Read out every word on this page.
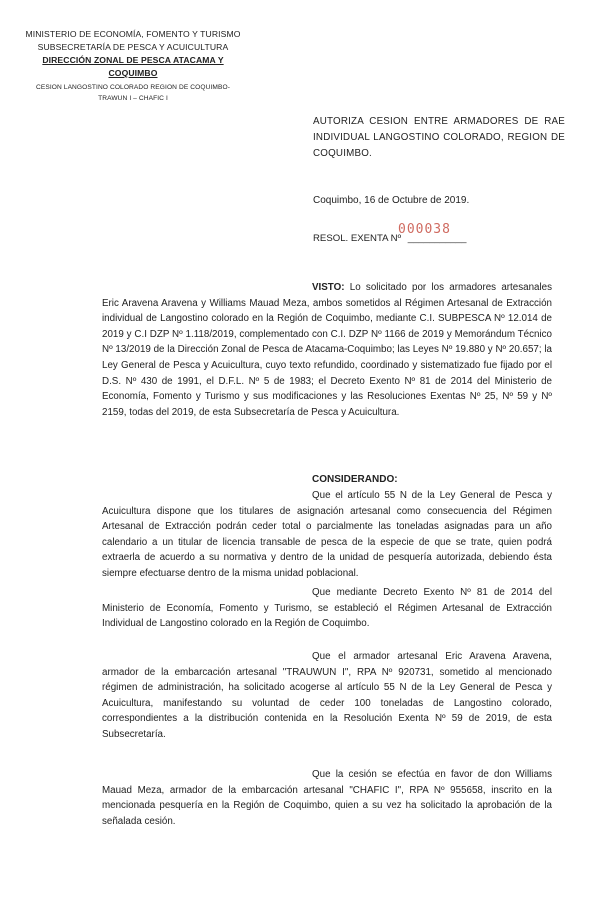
MINISTERIO DE ECONOMÍA, FOMENTO Y TURISMO
SUBSECRETARÍA DE PESCA Y ACUICULTURA
DIRECCIÓN ZONAL DE PESCA ATACAMA Y COQUIMBO
CESION LANGOSTINO COLORADO REGION DE COQUIMBO-
TRAWUN I – CHAFIC I
AUTORIZA CESION ENTRE ARMADORES DE RAE INDIVIDUAL LANGOSTINO COLORADO, REGION DE COQUIMBO.
Coquimbo, 16 de Octubre de 2019.
RESOL. EXENTA Nº ___________
000038
VISTO: Lo solicitado por los armadores artesanales Eric Aravena Aravena y Williams Mauad Meza, ambos sometidos al Régimen Artesanal de Extracción individual de Langostino colorado en la Región de Coquimbo, mediante C.I. SUBPESCA Nº 12.014 de 2019 y C.I DZP Nº 1.118/2019, complementado con C.I. DZP Nº 1166 de 2019 y Memorándum Técnico Nº 13/2019 de la Dirección Zonal de Pesca de Atacama-Coquimbo; las Leyes Nº 19.880 y Nº 20.657; la Ley General de Pesca y Acuicultura, cuyo texto refundido, coordinado y sistematizado fue fijado por el D.S. Nº 430 de 1991, el D.F.L. Nº 5 de 1983; el Decreto Exento Nº 81 de 2014 del Ministerio de Economía, Fomento y Turismo y sus modificaciones y las Resoluciones Exentas Nº 25, Nº 59 y Nº 2159, todas del 2019, de esta Subsecretaría de Pesca y Acuicultura.
CONSIDERANDO:
Que el artículo 55 N de la Ley General de Pesca y Acuicultura dispone que los titulares de asignación artesanal como consecuencia del Régimen Artesanal de Extracción podrán ceder total o parcialmente las toneladas asignadas para un año calendario a un titular de licencia transable de pesca de la especie de que se trate, quien podrá extraerla de acuerdo a su normativa y dentro de la unidad de pesquería autorizada, debiendo ésta siempre efectuarse dentro de la misma unidad poblacional.
Que mediante Decreto Exento Nº 81 de 2014 del Ministerio de Economía, Fomento y Turismo, se estableció el Régimen Artesanal de Extracción Individual de Langostino colorado en la Región de Coquimbo.
Que el armador artesanal Eric Aravena Aravena, armador de la embarcación artesanal "TRAUWUN I", RPA Nº 920731, sometido al mencionado régimen de administración, ha solicitado acogerse al artículo 55 N de la Ley General de Pesca y Acuicultura, manifestando su voluntad de ceder 100 toneladas de Langostino colorado, correspondientes a la distribución contenida en la Resolución Exenta Nº 59 de 2019, de esta Subsecretaría.
Que la cesión se efectúa en favor de don Williams Mauad Meza, armador de la embarcación artesanal "CHAFIC I", RPA Nº 955658, inscrito en la mencionada pesquería en la Región de Coquimbo, quien a su vez ha solicitado la aprobación de la señalada cesión.
